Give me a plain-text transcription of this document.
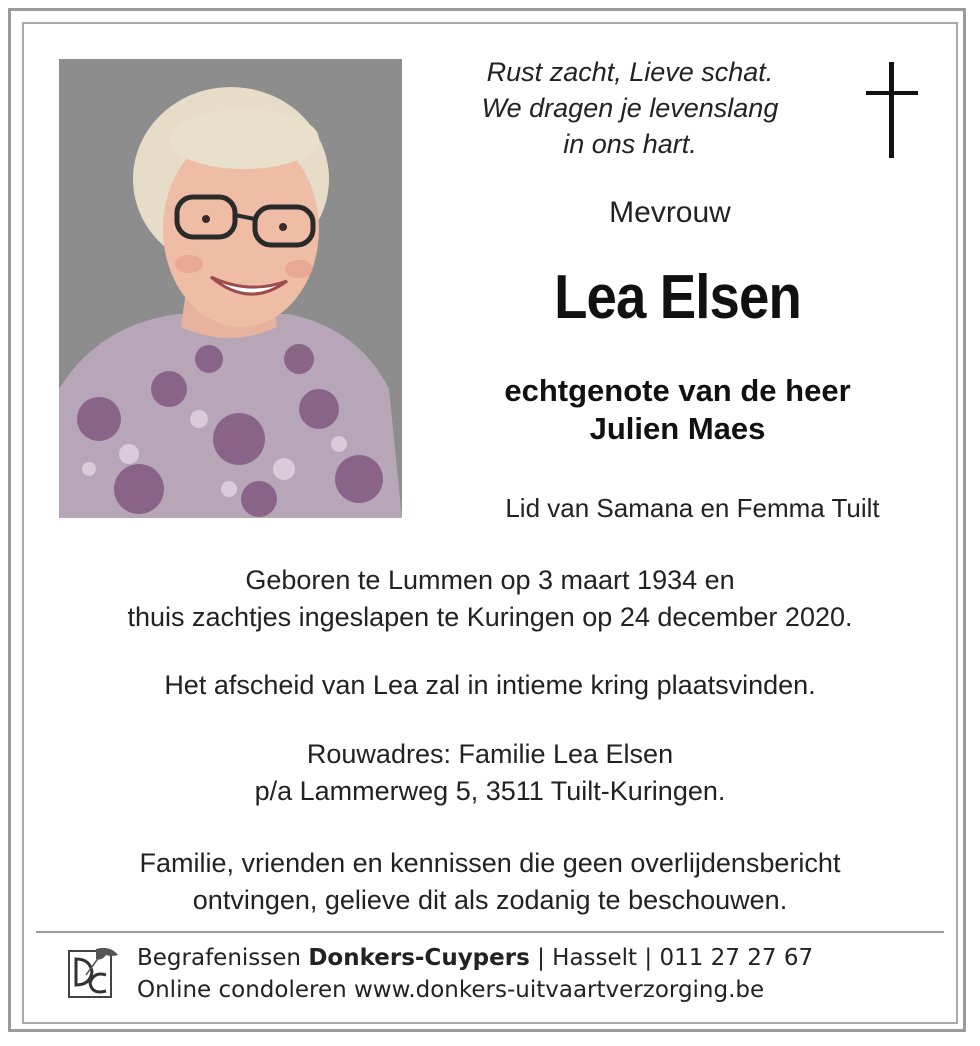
Rust zacht, Lieve schat.
We dragen je levenslang
in ons hart.
Mevrouw
Lea Elsen
echtgenote van de heer
Julien Maes
Lid van Samana en Femma Tuilt
Geboren te Lummen op 3 maart 1934 en
thuis zachtjes ingeslapen te Kuringen op 24 december 2020.
Het afscheid van Lea zal in intieme kring plaatsvinden.
Rouwadres: Familie Lea Elsen
p/a Lammerweg 5, 3511 Tuilt-Kuringen.
Familie, vrienden en kennissen die geen overlijdensbericht
ontvingen, gelieve dit als zodanig te beschouwen.
Begrafenissen Donkers-Cuypers | Hasselt | 011 27 27 67
Online condoleren www.donkers-uitvaartverzorging.be
